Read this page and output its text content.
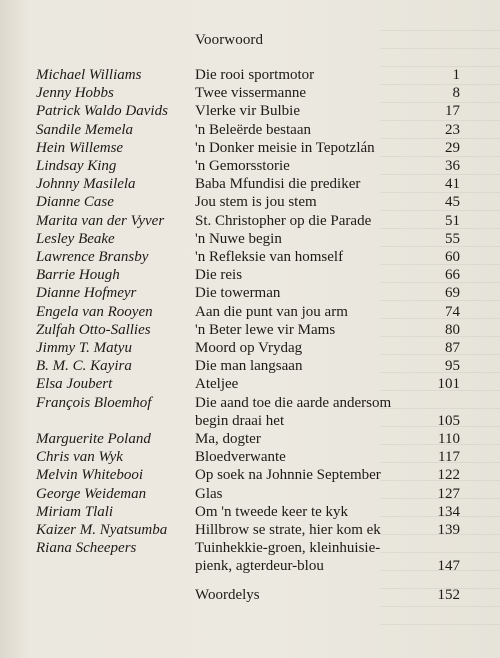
Voorwoord
Michael Williams	Die rooi sportmotor	1
Jenny Hobbs	Twee vissermanne	8
Patrick Waldo Davids	Vlerke vir Bulbie	17
Sandile Memela	'n Beleërde bestaan	23
Hein Willemse	'n Donker meisie in Tepotzlán	29
Lindsay King	'n Gemorsstorie	36
Johnny Masilela	Baba Mfundisi die prediker	41
Dianne Case	Jou stem is jou stem	45
Marita van der Vyver	St. Christopher op die Parade	51
Lesley Beake	'n Nuwe begin	55
Lawrence Bransby	'n Refleksie van homself	60
Barrie Hough	Die reis	66
Dianne Hofmeyr	Die towerman	69
Engela van Rooyen	Aan die punt van jou arm	74
Zulfah Otto-Sallies	'n Beter lewe vir Mams	80
Jimmy T. Matyu	Moord op Vrydag	87
B. M. C. Kayira	Die man langsaan	95
Elsa Joubert	Ateljee	101
François Bloemhof	Die aand toe die aarde andersom
begin draai het	105
Marguerite Poland	Ma, dogter	110
Chris van Wyk	Bloedverwante	117
Melvin Whitebooi	Op soek na Johnnie September	122
George Weideman	Glas	127
Miriam Tlali	Om 'n tweede keer te kyk	134
Kaizer M. Nyatsumba	Hillbrow se strate, hier kom ek	139
Riana Scheepers	Tuinhekkie-groen, kleinhuisie-
pienk, agterdeur-blou	147
Woordelys	152
